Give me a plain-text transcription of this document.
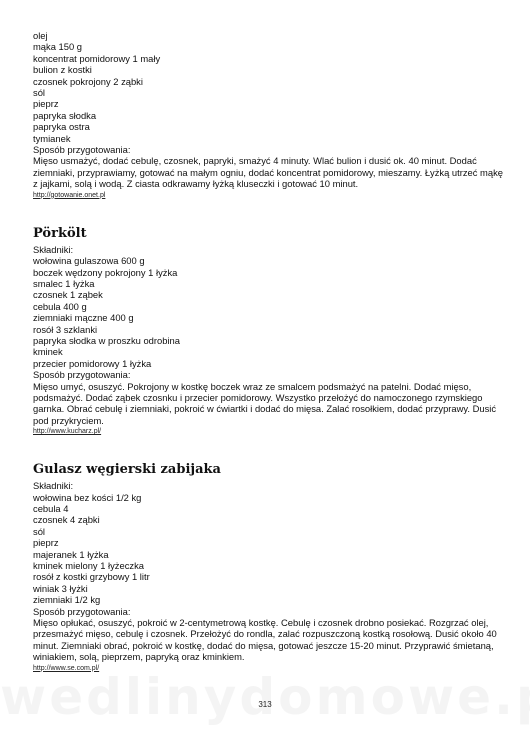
olej
mąka 150 g
koncentrat pomidorowy 1 mały
bulion z kostki
czosnek pokrojony 2 ząbki
sól
pieprz
papryka słodka
papryka ostra
tymianek
Sposób przygotowania:
Mięso usmażyć, dodać cebulę, czosnek, papryki, smażyć 4 minuty. Wlać bulion i dusić ok. 40 minut. Dodać ziemniaki, przyprawiamy, gotować na małym ogniu, dodać koncentrat pomidorowy, mieszamy. Łyżką utrzeć mąkę z jajkami, solą i wodą. Z ciasta odkrawamy łyżką kluseczki i gotować 10 minut.
http://gotowanie.onet.pl
Pörkölt
Składniki:
wołowina gulaszowa 600 g
boczek wędzony pokrojony 1 łyżka
smalec 1 łyżka
czosnek 1 ząbek
cebula 400 g
ziemniaki mączne 400 g
rosół 3 szklanki
papryka słodka w proszku odrobina
kminek
przecier pomidorowy 1 łyżka
Sposób przygotowania:
Mięso umyć, osuszyć. Pokrojony w kostkę boczek wraz ze smalcem podsmażyć na patelni. Dodać mięso, podsmażyć. Dodać ząbek czosnku i przecier pomidorowy. Wszystko przełożyć do namoczonego rzymskiego garnka. Obrać cebulę i ziemniaki, pokroić w ćwiartki i dodać do mięsa. Zalać rosołkiem, dodać przyprawy. Dusić pod przykryciem.
http://www.kucharz.pl/
Gulasz węgierski zabijaka
Składniki:
wołowina bez kości 1/2 kg
cebula 4
czosnek 4 ząbki
sól
pieprz
majeranek 1 łyżka
kminek mielony 1 łyżeczka
rosół z kostki grzybowy 1 litr
winiak 3 łyżki
ziemniaki 1/2 kg
Sposób przygotowania:
Mięso opłukać, osuszyć, pokroić w 2-centymetrową kostkę. Cebulę i czosnek drobno posiekać. Rozgrzać olej, przesmażyć mięso, cebulę i czosnek. Przełożyć do rondla, zalać rozpuszczoną kostką rosołową. Dusić około 40 minut. Ziemniaki obrać, pokroić w kostkę, dodać do mięsa, gotować jeszcze 15-20 minut. Przyprawić śmietaną, winiakiem, solą, pieprzem, papryką oraz kminkiem.
http://www.se.com.pl/
313
